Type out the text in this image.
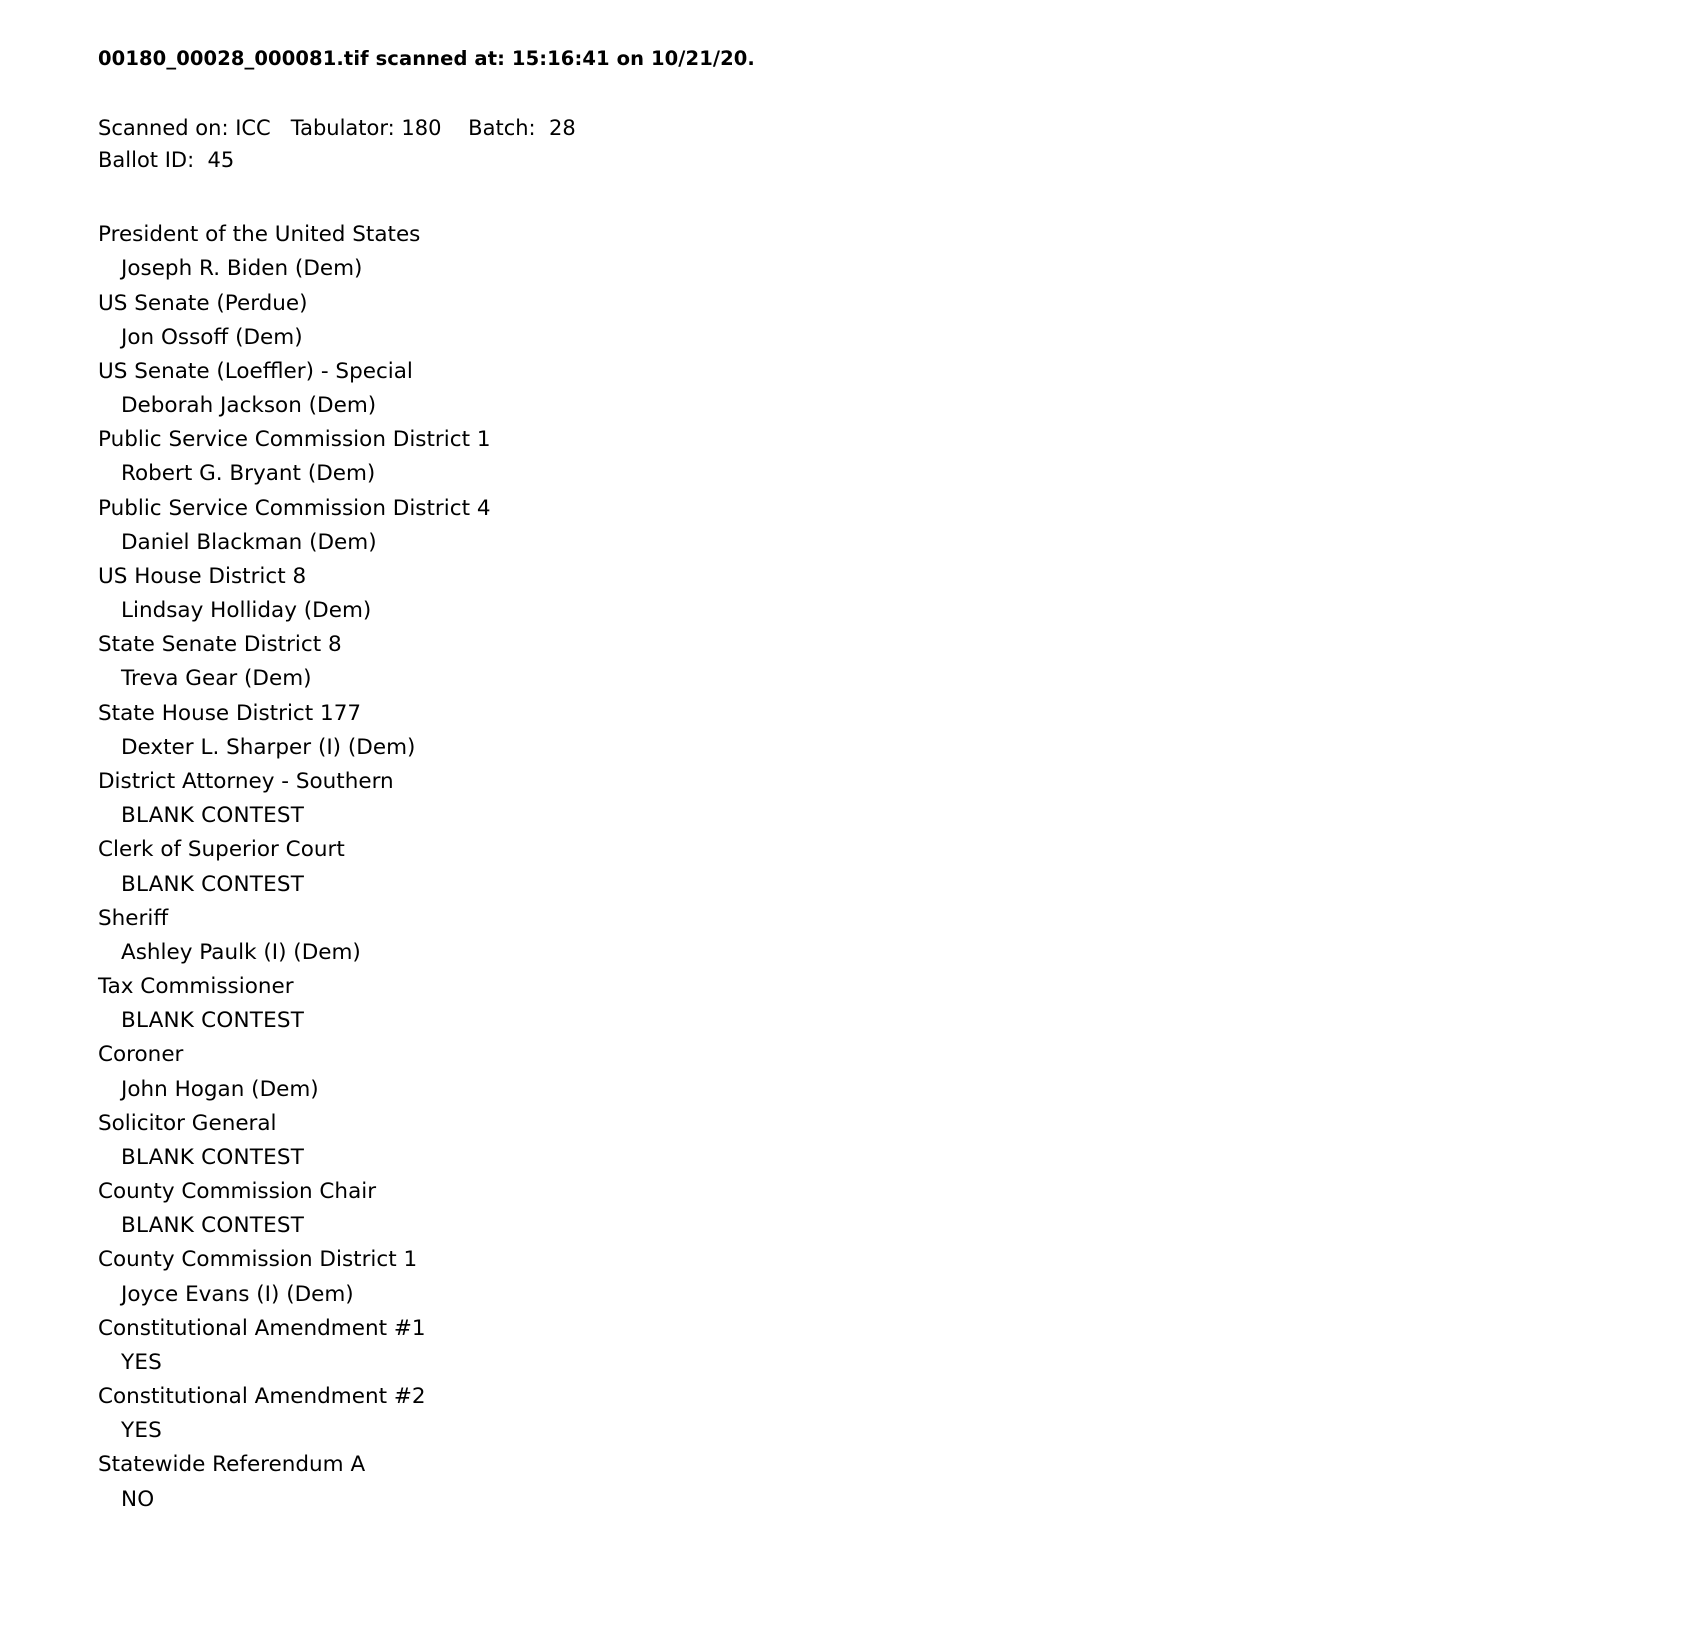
00180_00028_000081.tif scanned at: 15:16:41 on 10/21/20.
Scanned on: ICC   Tabulator: 180    Batch:  28
Ballot ID:  45
President of the United States
Joseph R. Biden (Dem)
US Senate (Perdue)
Jon Ossoff (Dem)
US Senate (Loeffler) - Special
Deborah Jackson (Dem)
Public Service Commission District 1
Robert G. Bryant (Dem)
Public Service Commission District 4
Daniel Blackman (Dem)
US House District 8
Lindsay Holliday (Dem)
State Senate District 8
Treva Gear (Dem)
State House District 177
Dexter L. Sharper (I) (Dem)
District Attorney - Southern
BLANK CONTEST
Clerk of Superior Court
BLANK CONTEST
Sheriff
Ashley Paulk (I) (Dem)
Tax Commissioner
BLANK CONTEST
Coroner
John Hogan (Dem)
Solicitor General
BLANK CONTEST
County Commission Chair
BLANK CONTEST
County Commission District 1
Joyce Evans (I) (Dem)
Constitutional Amendment #1
YES
Constitutional Amendment #2
YES
Statewide Referendum A
NO
